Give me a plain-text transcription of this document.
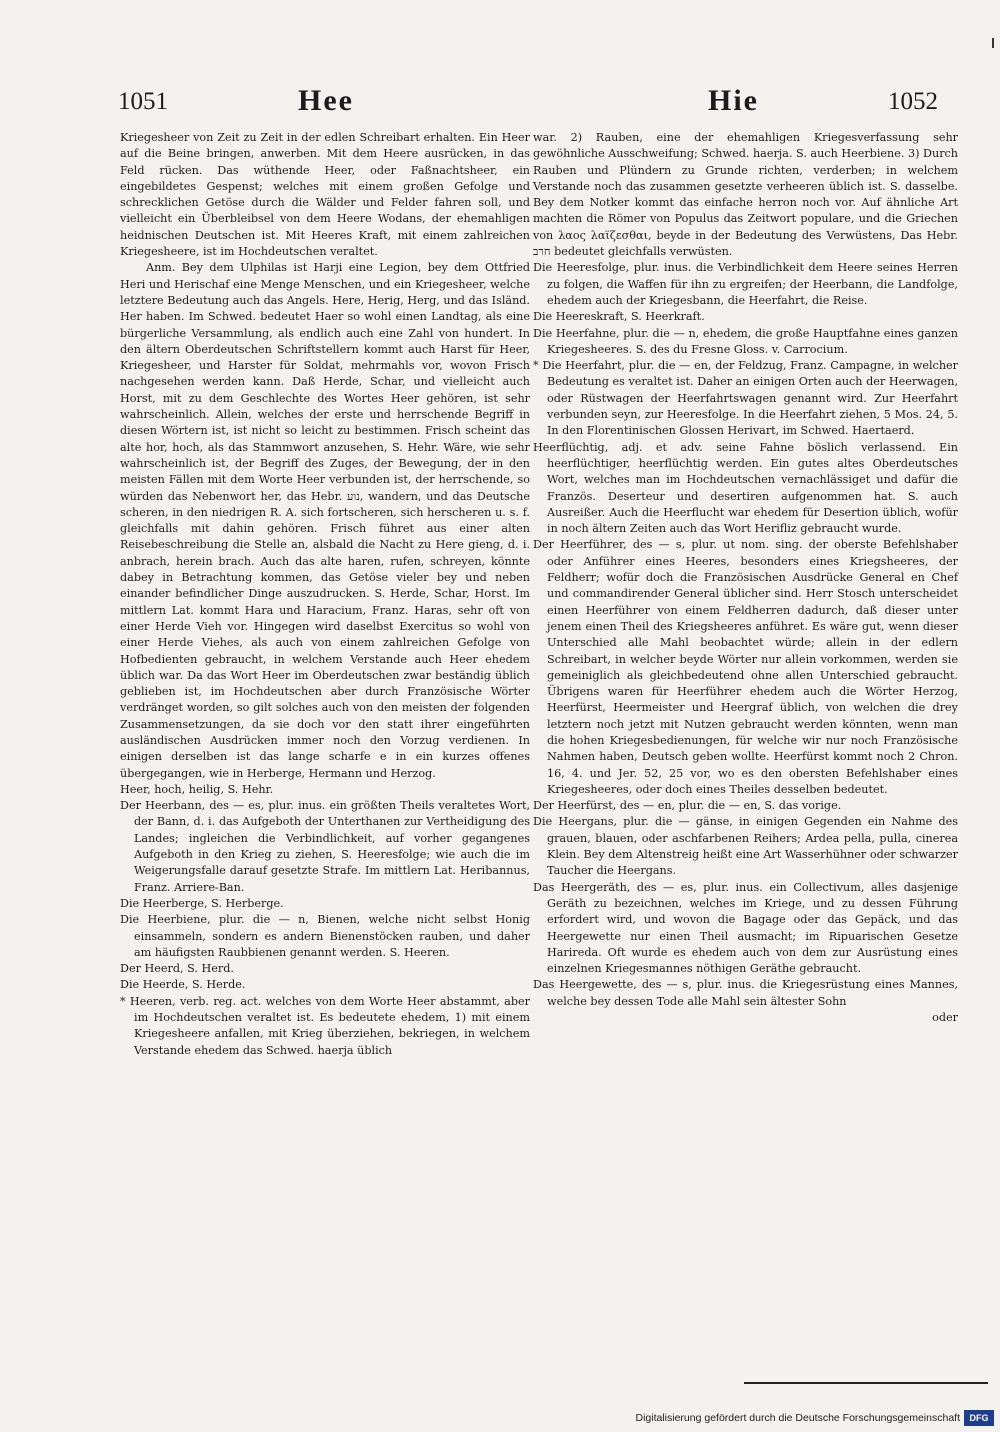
1051	Hee	Hie	1052

Kriegesheer von Zeit zu Zeit in der edlen Schreibart erhalten. Ein Heer auf die Beine bringen, anwerben. Mit dem Heere ausrücken, in das Feld rücken. Das wüthende Heer, oder Faßnachtsheer, ein eingebildetes Gespenst; welches mit einem großen Gefolge und schrecklichen Getöse durch die Wälder und Felder fahren soll, und vielleicht ein Überbleibsel von dem Heere Wodans, der ehemahligen heidnischen Deutschen ist. Mit Heeres Kraft, mit einem zahlreichen Kriegesheere, ist im Hochdeutschen veraltet.

Anm. Bey dem Ulphilas ist Harji eine Legion, bey dem Ottfried Heri und Herischaf eine Menge Menschen, und ein Kriegesheer, welche letztere Bedeutung auch das Angels. Here, Herig, Herg, und das Isländ. Her haben. Im Schwed. bedeutet Haer so wohl einen Landtag, als eine bürgerliche Versammlung, als endlich auch eine Zahl von hundert. In den ältern Oberdeutschen Schriftstellern kommt auch Harst für Heer, Kriegesheer, und Harster für Soldat, mehrmahls vor, wovon Frisch nachgesehen werden kann. Daß Herde, Schar, und vielleicht auch Horst, mit zu dem Geschlechte des Wortes Heer gehören, ist sehr wahrscheinlich. Allein, welches der erste und herrschende Begriff in diesen Wörtern ist, ist nicht so leicht zu bestimmen. Frisch scheint das alte hor, hoch, als das Stammwort anzusehen, S. Hehr. Wäre, wie sehr wahrscheinlich ist, der Begriff des Zuges, der Bewegung, der in den meisten Fällen mit dem Worte Heer verbunden ist, der herrschende, so würden das Nebenwort her, das Hebr. נוע, wandern, und das Deutsche scheren, in den niedrigen R. A. sich fortscheren, sich herscheren u. s. f. gleichfalls mit dahin gehören. Frisch führet aus einer alten Reisebeschreibung die Stelle an, alsbald die Nacht zu Here gieng, d. i. anbrach, herein brach. Auch das alte haren, rufen, schreyen, könnte dabey in Betrachtung kommen, das Getöse vieler bey und neben einander befindlicher Dinge auszudrucken. S. Herde, Schar, Horst. Im mittlern Lat. kommt Hara und Haracium, Franz. Haras, sehr oft von einer Herde Vieh vor. Hingegen wird daselbst Exercitus so wohl von einer Herde Viehes, als auch von einem zahlreichen Gefolge von Hofbedienten gebraucht, in welchem Verstande auch Heer ehedem üblich war. Da das Wort Heer im Oberdeutschen zwar beständig üblich geblieben ist, im Hochdeutschen aber durch Französische Wörter verdränget worden, so gilt solches auch von den meisten der folgenden Zusammensetzungen, da sie doch vor den statt ihrer eingeführten ausländischen Ausdrücken immer noch den Vorzug verdienen. In einigen derselben ist das lange scharfe e in ein kurzes offenes übergegangen, wie in Herberge, Hermann und Herzog.

Heer, hoch, heilig, S. Hehr.

Der Heerbann, des — es, plur. inus. ein größten Theils veraltetes Wort, der Bann, d. i. das Aufgeboth der Unterthanen zur Vertheidigung des Landes; ingleichen die Verbindlichkeit, auf vorher gegangenes Aufgeboth in den Krieg zu ziehen, S. Heeresfolge; wie auch die im Weigerungsfalle darauf gesetzte Strafe. Im mittlern Lat. Heribannus, Franz. Arriere-Ban.

Die Heerberge, S. Herberge.

Die Heerbiene, plur. die — n, Bienen, welche nicht selbst Honig einsammeln, sondern es andern Bienenstöcken rauben, und daher am häufigsten Raubbienen genannt werden. S. Heeren.

Der Heerd, S. Herd.

Die Heerde, S. Herde.

* Heeren, verb. reg. act. welches von dem Worte Heer abstammt, aber im Hochdeutschen veraltet ist. Es bedeutete ehedem, 1) mit einem Kriegesheere anfallen, mit Krieg überziehen, bekriegen, in welchem Verstande ehedem das Schwed. haerja üblich

war. 2) Rauben, eine der ehemahligen Kriegesverfassung sehr gewöhnliche Ausschweifung; Schwed. haerja. S. auch Heerbiene. 3) Durch Rauben und Plündern zu Grunde richten, verderben; in welchem Verstande noch das zusammen gesetzte verheeren üblich ist. S. dasselbe. Bey dem Notker kommt das einfache herron noch vor. Auf ähnliche Art machten die Römer von Populus das Zeitwort populare, und die Griechen von λαος λαϊζεσθαι, beyde in der Bedeutung des Verwüstens, Das Hebr. חרב bedeutet gleichfalls verwüsten.

Die Heeresfolge, plur. inus. die Verbindlichkeit dem Heere seines Herren zu folgen, die Waffen für ihn zu ergreifen; der Heerbann, die Landfolge, ehedem auch der Kriegesbann, die Heerfahrt, die Reise.

Die Heereskraft, S. Heerkraft.

Die Heerfahne, plur. die — n, ehedem, die große Hauptfahne eines ganzen Kriegesheeres. S. des du Fresne Gloss. v. Carrocium.

* Die Heerfahrt, plur. die — en, der Feldzug, Franz. Campagne, in welcher Bedeutung es veraltet ist. Daher an einigen Orten auch der Heerwagen, oder Rüstwagen der Heerfahrtswagen genannt wird. Zur Heerfahrt verbunden seyn, zur Heeresfolge. In die Heerfahrt ziehen, 5 Mos. 24, 5. In den Florentinischen Glossen Herivart, im Schwed. Haertaerd.

Heerflüchtig, adj. et adv. seine Fahne böslich verlassend. Ein heerflüchtiger, heerflüchtig werden. Ein gutes altes Oberdeutsches Wort, welches man im Hochdeutschen vernachlässiget und dafür die Französ. Deserteur und desertiren aufgenommen hat. S. auch Ausreißer. Auch die Heerflucht war ehedem für Desertion üblich, wofür in noch ältern Zeiten auch das Wort Herifliz gebraucht wurde.

Der Heerführer, des — s, plur. ut nom. sing. der oberste Befehlshaber oder Anführer eines Heeres, besonders eines Kriegsheeres, der Feldherr; wofür doch die Französischen Ausdrücke General en Chef und commandirender General üblicher sind. Herr Stosch unterscheidet einen Heerführer von einem Feldherren dadurch, daß dieser unter jenem einen Theil des Kriegsheeres anführet. Es wäre gut, wenn dieser Unterschied alle Mahl beobachtet würde; allein in der edlern Schreibart, in welcher beyde Wörter nur allein vorkommen, werden sie gemeiniglich als gleichbedeutend ohne allen Unterschied gebraucht. Übrigens waren für Heerführer ehedem auch die Wörter Herzog, Heerfürst, Heermeister und Heergraf üblich, von welchen die drey letztern noch jetzt mit Nutzen gebraucht werden könnten, wenn man die hohen Kriegesbedienungen, für welche wir nur noch Französische Nahmen haben, Deutsch geben wollte. Heerfürst kommt noch 2 Chron. 16, 4. und Jer. 52, 25 vor, wo es den obersten Befehlshaber eines Kriegesheeres, oder doch eines Theiles desselben bedeutet.

Der Heerfürst, des — en, plur. die — en, S. das vorige.

Die Heergans, plur. die — gänse, in einigen Gegenden ein Nahme des grauen, blauen, oder aschfarbenen Reihers; Ardea pella, pulla, cinerea Klein. Bey dem Altenstreig heißt eine Art Wasserhühner oder schwarzer Taucher die Heergans.

Das Heergeräth, des — es, plur. inus. ein Collectivum, alles dasjenige Geräth zu bezeichnen, welches im Kriege, und zu dessen Führung erfordert wird, und wovon die Bagage oder das Gepäck, und das Heergewette nur einen Theil ausmacht; im Ripuarischen Gesetze Harireda. Oft wurde es ehedem auch von dem zur Ausrüstung eines einzelnen Kriegesmannes nöthigen Geräthe gebraucht.

Das Heergewette, des — s, plur. inus. die Kriegesrüstung eines Mannes, welche bey dessen Tode alle Mahl sein ältester Sohn

oder

Digitalisierung gefördert durch die Deutsche Forschungsgemeinschaft	DFG
